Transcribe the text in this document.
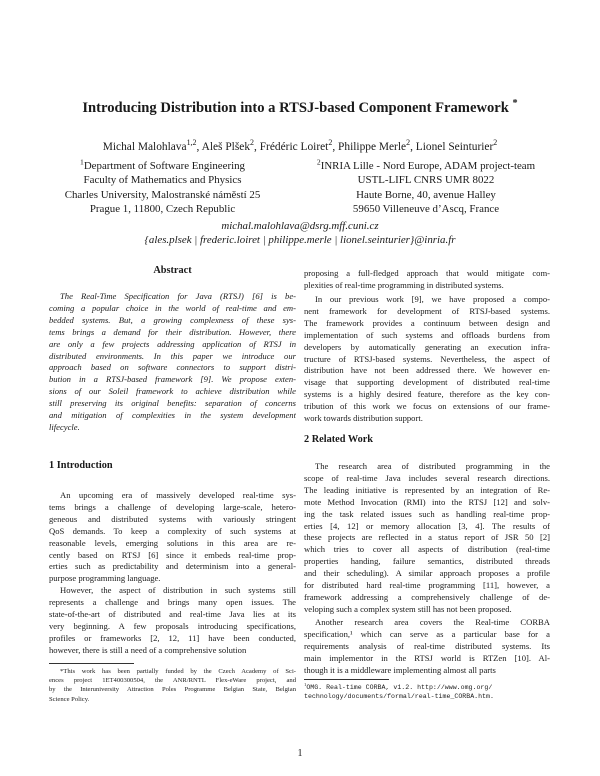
Introducing Distribution into a RTSJ-based Component Framework *
Michal Malohlava$^{1,2}$, Aleš Plšek$^2$, Frédéric Loiret$^2$, Philippe Merle$^2$, Lionel Seinturier$^2$

$^1$Department of Software Engineering

Faculty of Mathematics and Physics

Charles University, Malostranské náměstí 25

Prague 1, 11800, Czech Republic

$^2$INRIA Lille - Nord Europe, ADAM project-team

USTL-LIFL CNRS UMR 8022

Haute Borne, 40, avenue Halley

59650 Villeneuve d’Ascq, France

michal.malohlava@dsrg.mff.cuni.cz

{ales.plsek | frederic.loiret | philippe.merle | lionel.seinturier}@inria.fr

Abstract

The Real-Time Specification for Java (RTSJ) [6] is be-

coming a popular choice in the world of real-time and em-

bedded systems. But, a growing complexness of these sys-

tems brings a demand for their distribution. However, there

are only a few projects addressing application of RTSJ in

distributed environments. In this paper we introduce our

approach based on software connectors to support distri-

bution in a RTSJ-based framework [9]. We propose exten-

sions of our Soleil framework to achieve distribution while

still preserving its original benefits: separation of concerns

and mitigation of complexities in the system development

lifecycle.

1 Introduction

An upcoming era of massively developed real-time sys-

tems brings a challenge of developing large-scale, hetero-

geneous and distributed systems with variously stringent

QoS demands. To keep a complexity of such systems at

reasonable levels, emerging solutions in this area are re-

cently based on RTSJ [6] since it embeds real-time prop-

erties such as predictability and determinism into a general-

purpose programming language.

However, the aspect of distribution in such systems still

represents a challenge and brings many open issues. The

state-of-the-art of distributed and real-time Java lies at its

very beginning. A few proposals introducing specifications,

profiles or frameworks [2, 12, 11] have been conducted,

however, there is still a need of a comprehensive solution

*This work has been partially funded by the Czech Academy of Sci-

ences project 1ET400300504, the ANR/RNTL Flex-eWare project, and

by the Interuniversity Attraction Poles Programme Belgian State, Belgian

Science Policy.

proposing a full-fledged approach that would mitigate com-

plexities of real-time programming in distributed systems.

In our previous work [9], we have proposed a compo-

nent framework for development of RTSJ-based systems.

The framework provides a continuum between design and

implementation of such systems and offloads burdens from

developers by automatically generating an execution infra-

tructure of RTSJ-based systems. Nevertheless, the aspect of

distribution have not been addressed there. We however en-

visage that supporting development of distributed real-time

systems is a highly desired feature, therefore as the key con-

tribution of this work we focus on extensions of our frame-

work towards distribution support.

2 Related Work

The research area of distributed programming in the

scope of real-time Java includes several research directions.

The leading initiative is represented by an integration of Re-

mote Method Invocation (RMI) into the RTSJ [12] and solv-

ing the task related issues such as handling real-time prop-

erties [4, 12] or memory allocation [3, 4]. The results of

these projects are reflected in a status report of JSR 50 [2]

which tries to cover all aspects of distribution (real-time

properties handing, failure semantics, distributed threads

and their scheduling). A similar approach proposes a profile

for distributed hard real-time programming [11], however, a

framework addressing a comprehensively challenge of de-

veloping such a complex system still has not been proposed.

Another research area covers the Real-time CORBA

specification,¹ which can serve as a particular base for a

requirements analysis of real-time distributed systems. Its

main implementor in the RTSJ world is RTZen [10]. Al-

though it is a middleware implementing almost all parts

$^1$OMG. Real-time CORBA, v1.2. http://www.omg.org/

technology/documents/formal/real-time_CORBA.htm.

1
